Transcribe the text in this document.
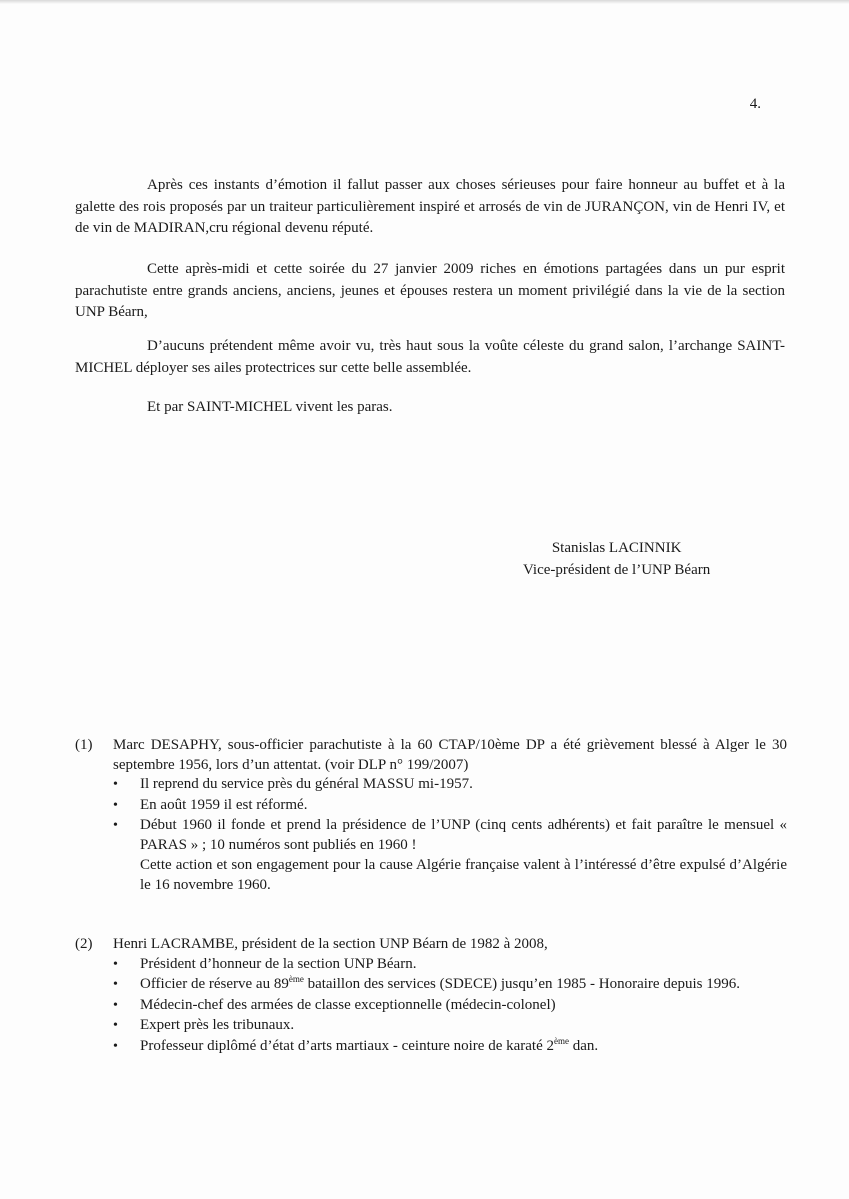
4.

Après ces instants d’émotion il fallut passer aux choses sérieuses pour faire honneur au buffet et à la galette des rois proposés par un traiteur particulièrement inspiré et arrosés de vin de JURANÇON, vin de Henri IV, et de vin de MADIRAN,cru régional devenu réputé.

Cette après-midi et cette soirée du 27 janvier 2009 riches en émotions partagées dans un pur esprit parachutiste entre grands anciens, anciens, jeunes et épouses restera un moment privilégié dans la vie de la section UNP Béarn,

D’aucuns prétendent même avoir vu, très haut sous la voûte céleste du grand salon, l’archange SAINT-MICHEL déployer ses ailes protectrices sur cette belle assemblée.

Et par SAINT-MICHEL vivent les paras.

Stanislas LACINNIK
Vice-président de l’UNP Béarn
(1)	Marc DESAPHY, sous-officier parachutiste à la 60 CTAP/10ème DP a été grièvement blessé à Alger le 30 septembre 1956, lors d’un attentat. (voir DLP n° 199/2007)
•	Il reprend du service près du général MASSU mi-1957.
•	En août 1959 il est réformé.
•	Début 1960 il fonde et prend la présidence de l’UNP (cinq cents adhérents) et fait paraître le mensuel « PARAS » ; 10 numéros sont publiés en 1960 !
Cette action et son engagement pour la cause Algérie française valent à l’intéressé d’être expulsé d’Algérie le 16 novembre 1960.
(2)	Henri LACRAMBE, président de la section UNP Béarn de 1982 à 2008,
•	Président d’honneur de la section UNP Béarn.
•	Officier de réserve au 89ème bataillon des services (SDECE) jusqu’en 1985 - Honoraire depuis 1996.
•	Médecin-chef des armées de classe exceptionnelle (médecin-colonel)
•	Expert près les tribunaux.
•	Professeur diplômé d’état d’arts martiaux - ceinture noire de karaté 2ème dan.
